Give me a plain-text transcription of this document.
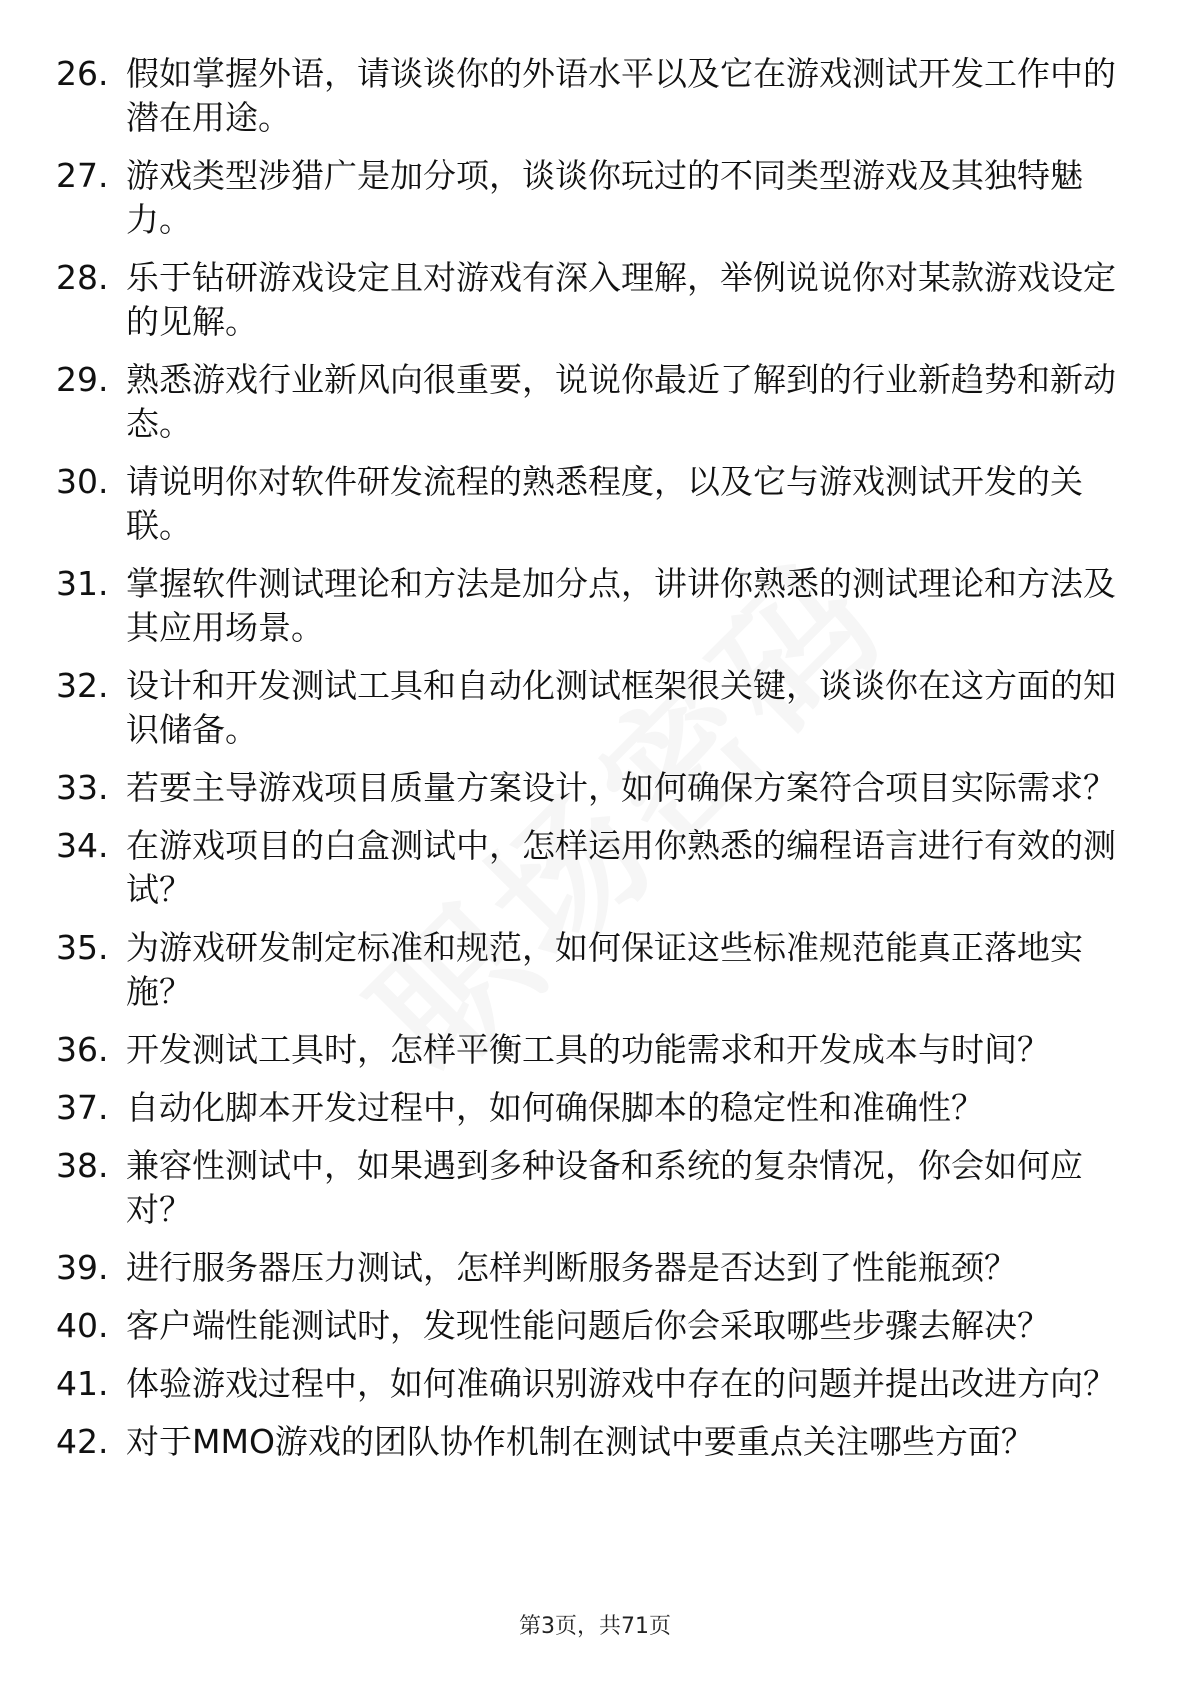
26. 假如掌握外语，请谈谈你的外语水平以及它在游戏测试开发工作中的潜在用途。
27. 游戏类型涉猎广是加分项，谈谈你玩过的不同类型游戏及其独特魅力。
28. 乐于钻研游戏设定且对游戏有深入理解，举例说说你对某款游戏设定的见解。
29. 熟悉游戏行业新风向很重要，说说你最近了解到的行业新趋势和新动态。
30. 请说明你对软件研发流程的熟悉程度，以及它与游戏测试开发的关联。
31. 掌握软件测试理论和方法是加分点，讲讲你熟悉的测试理论和方法及其应用场景。
32. 设计和开发测试工具和自动化测试框架很关键，谈谈你在这方面的知识储备。
33. 若要主导游戏项目质量方案设计，如何确保方案符合项目实际需求？
34. 在游戏项目的白盒测试中，怎样运用你熟悉的编程语言进行有效的测试？
35. 为游戏研发制定标准和规范，如何保证这些标准规范能真正落地实施？
36. 开发测试工具时，怎样平衡工具的功能需求和开发成本与时间？
37. 自动化脚本开发过程中，如何确保脚本的稳定性和准确性？
38. 兼容性测试中，如果遇到多种设备和系统的复杂情况，你会如何应对？
39. 进行服务器压力测试，怎样判断服务器是否达到了性能瓶颈？
40. 客户端性能测试时，发现性能问题后你会采取哪些步骤去解决？
41. 体验游戏过程中，如何准确识别游戏中存在的问题并提出改进方向？
42. 对于MMO游戏的团队协作机制在测试中要重点关注哪些方面？
第3页，共71页
